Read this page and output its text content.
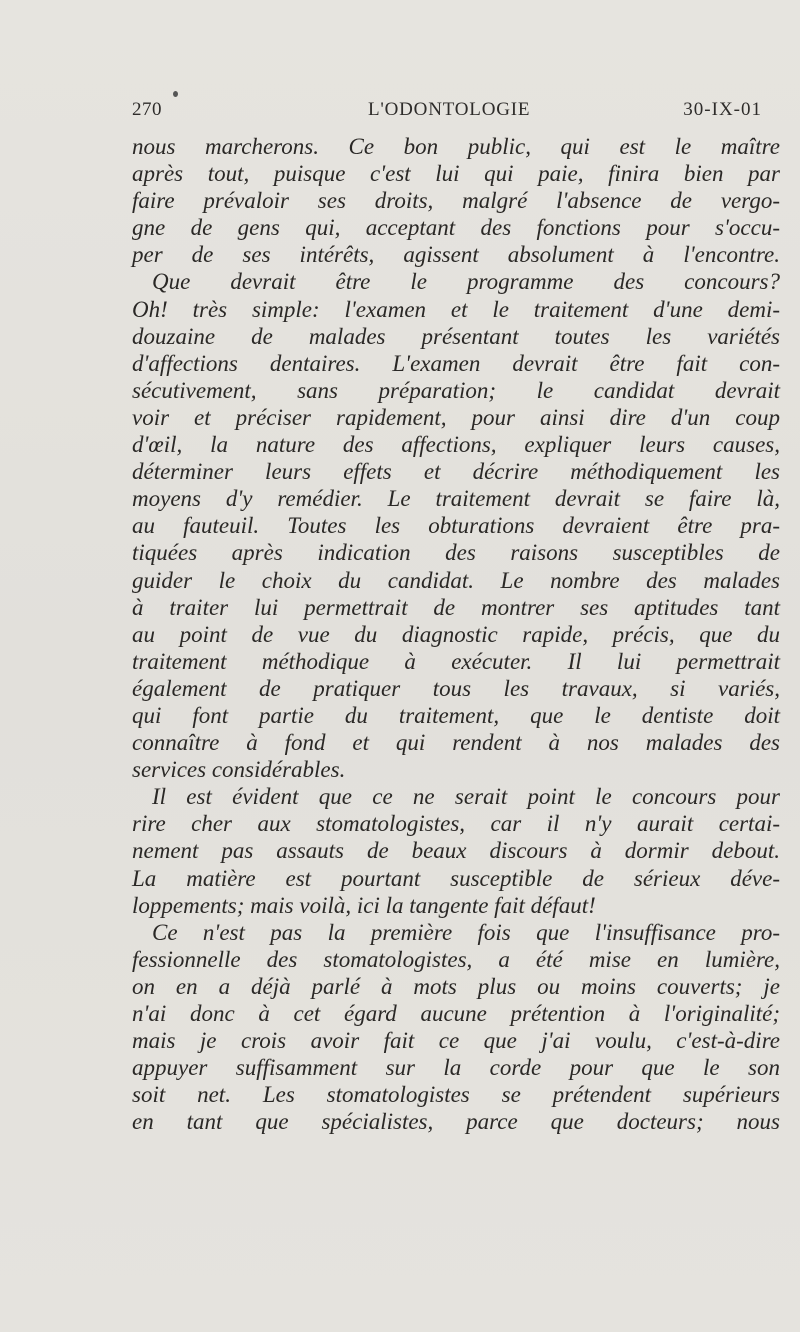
270	L'ODONTOLOGIE	30-IX-01
nous marcherons. Ce bon public, qui est le maître
après tout, puisque c'est lui qui paie, finira bien par
faire prévaloir ses droits, malgré l'absence de vergo-
gne de gens qui, acceptant des fonctions pour s'occu-
per de ses intérêts, agissent absolument à l'encontre.
Que devrait être le programme des concours?
Oh! très simple: l'examen et le traitement d'une demi-
douzaine de malades présentant toutes les variétés
d'affections dentaires. L'examen devrait être fait con-
sécutivement, sans préparation; le candidat devrait
voir et préciser rapidement, pour ainsi dire d'un coup
d'œil, la nature des affections, expliquer leurs causes,
déterminer leurs effets et décrire méthodiquement les
moyens d'y remédier. Le traitement devrait se faire là,
au fauteuil. Toutes les obturations devraient être pra-
tiquées après indication des raisons susceptibles de
guider le choix du candidat. Le nombre des malades
à traiter lui permettrait de montrer ses aptitudes tant
au point de vue du diagnostic rapide, précis, que du
traitement méthodique à exécuter. Il lui permettrait
également de pratiquer tous les travaux, si variés,
qui font partie du traitement, que le dentiste doit
connaître à fond et qui rendent à nos malades des
services considérables.
Il est évident que ce ne serait point le concours pour
rire cher aux stomatologistes, car il n'y aurait certai-
nement pas assauts de beaux discours à dormir debout.
La matière est pourtant susceptible de sérieux déve-
loppements; mais voilà, ici la tangente fait défaut!
Ce n'est pas la première fois que l'insuffisance pro-
fessionnelle des stomatologistes, a été mise en lumière,
on en a déjà parlé à mots plus ou moins couverts; je
n'ai donc à cet égard aucune prétention à l'originalité;
mais je crois avoir fait ce que j'ai voulu, c'est-à-dire
appuyer suffisamment sur la corde pour que le son
soit net. Les stomatologistes se prétendent supérieurs
en tant que spécialistes, parce que docteurs; nous
